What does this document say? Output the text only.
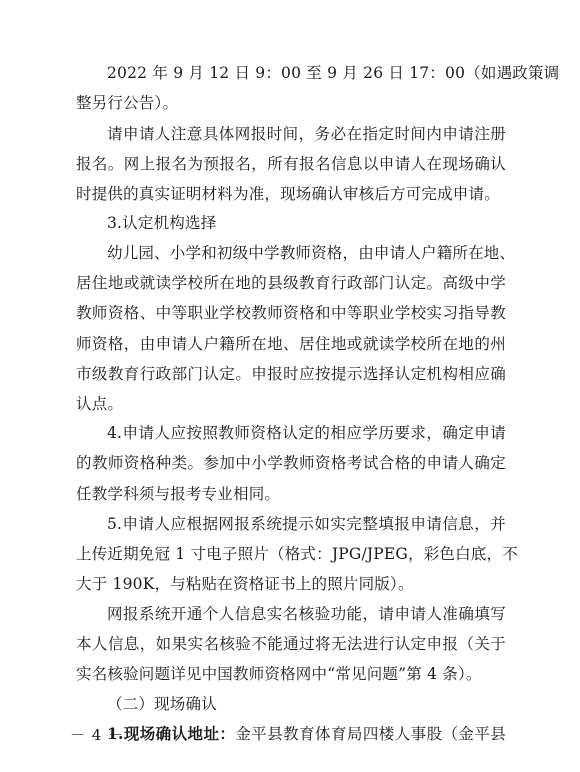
2022 年 9 月 12 日 9：00 至 9 月 26 日 17：00（如遇政策调
整另行公告）。
请申请人注意具体网报时间，务必在指定时间内申请注册
报名。网上报名为预报名，所有报名信息以申请人在现场确认
时提供的真实证明材料为准，现场确认审核后方可完成申请。
3.认定机构选择
幼儿园、小学和初级中学教师资格，由申请人户籍所在地、
居住地或就读学校所在地的县级教育行政部门认定。高级中学
教师资格、中等职业学校教师资格和中等职业学校实习指导教
师资格，由申请人户籍所在地、居住地或就读学校所在地的州
市级教育行政部门认定。申报时应按提示选择认定机构相应确
认点。
4.申请人应按照教师资格认定的相应学历要求，确定申请
的教师资格种类。参加中小学教师资格考试合格的申请人确定
任教学科须与报考专业相同。
5.申请人应根据网报系统提示如实完整填报申请信息，并
上传近期免冠 1 寸电子照片（格式：JPG/JPEG，彩色白底，不
大于 190K，与粘贴在资格证书上的照片同版）。
网报系统开通个人信息实名核验功能，请申请人准确填写
本人信息，如果实名核验不能通过将无法进行认定申报（关于
实名核验问题详见中国教师资格网中“常见问题”第 4 条）。
（二）现场确认
1.现场确认地址：金平县教育体育局四楼人事股（金平县
－ 4 －
